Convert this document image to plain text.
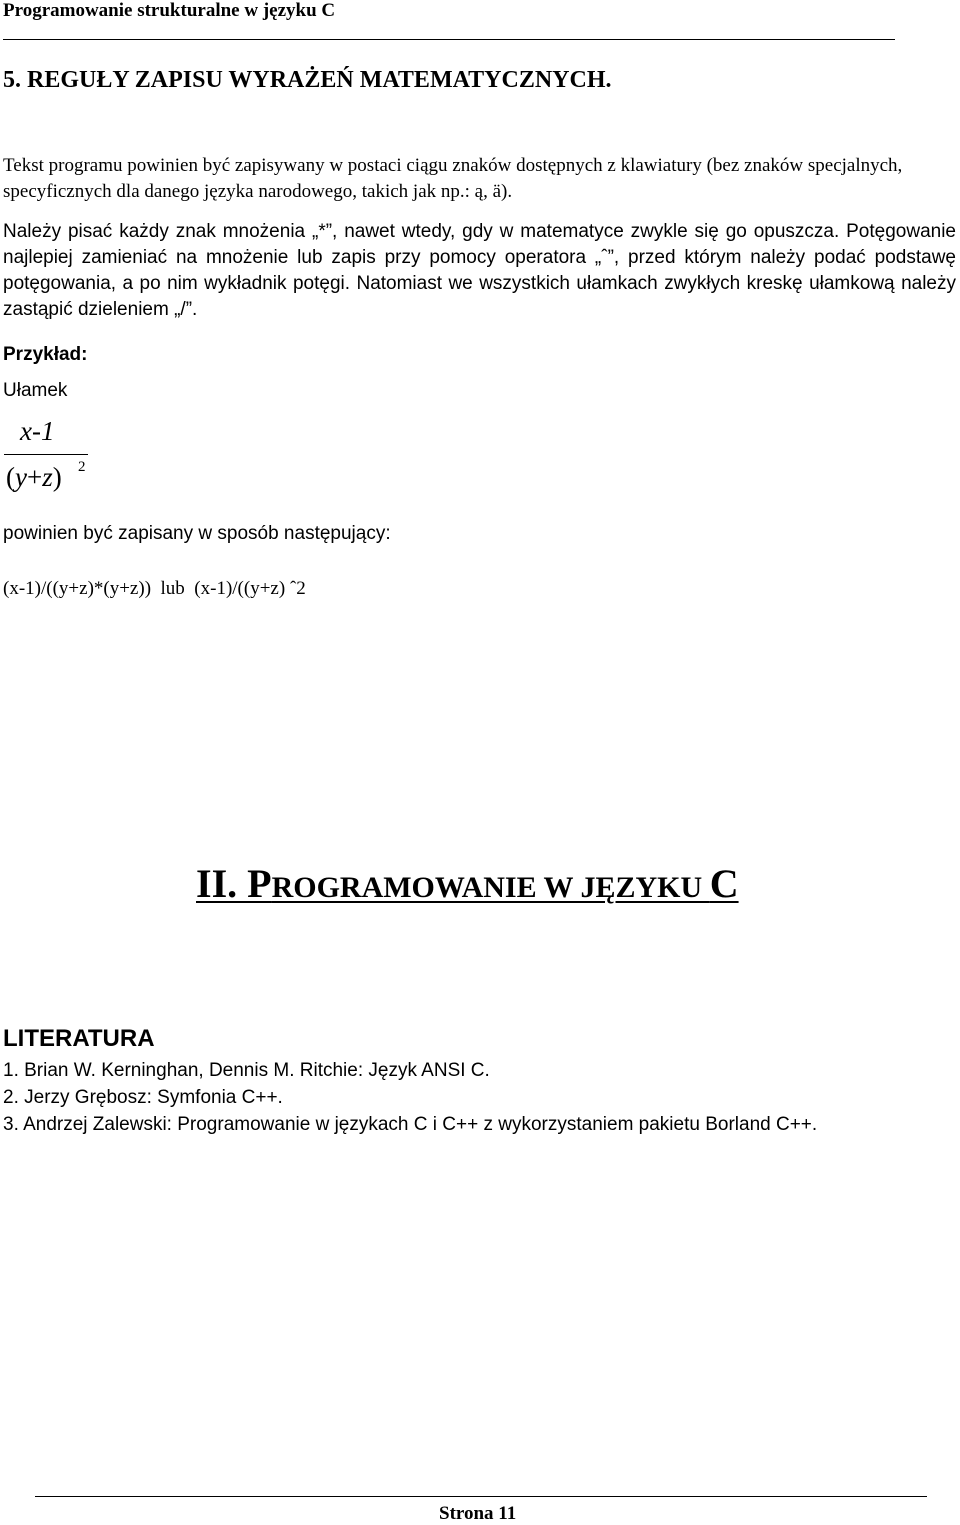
Programowanie strukturalne w języku C
5. REGUŁY ZAPISU WYRAŻEŃ MATEMATYCZNYCH.

Tekst programu powinien być zapisywany w postaci ciągu znaków dostępnych z klawiatury (bez znaków specjalnych, specyficznych dla danego języka narodowego, takich jak np.: ą, ä).

Należy pisać każdy znak mnożenia „*”, nawet wtedy, gdy w matematyce zwykle się go opuszcza. Potęgowanie najlepiej zamieniać na mnożenie lub zapis przy pomocy operatora „ˆ”, przed którym należy podać podstawę potęgowania, a po nim wykładnik potęgi. Natomiast we wszystkich ułamkach zwykłych kreskę ułamkową należy zastąpić dzieleniem „/”.

Przykład:
Ułamek
x-1
(y+z) 2
powinien być zapisany w sposób następujący:
(x-1)/((y+z)*(y+z))  lub  (x-1)/((y+z) ˆ2
II. PROGRAMOWANIE W JĘZYKU C
LITERATURA
1. Brian W. Kerninghan, Dennis M. Ritchie: Język ANSI C.
2. Jerzy Grębosz: Symfonia C++.
3. Andrzej Zalewski: Programowanie w językach C i C++ z wykorzystaniem pakietu Borland C++.
Strona 11
